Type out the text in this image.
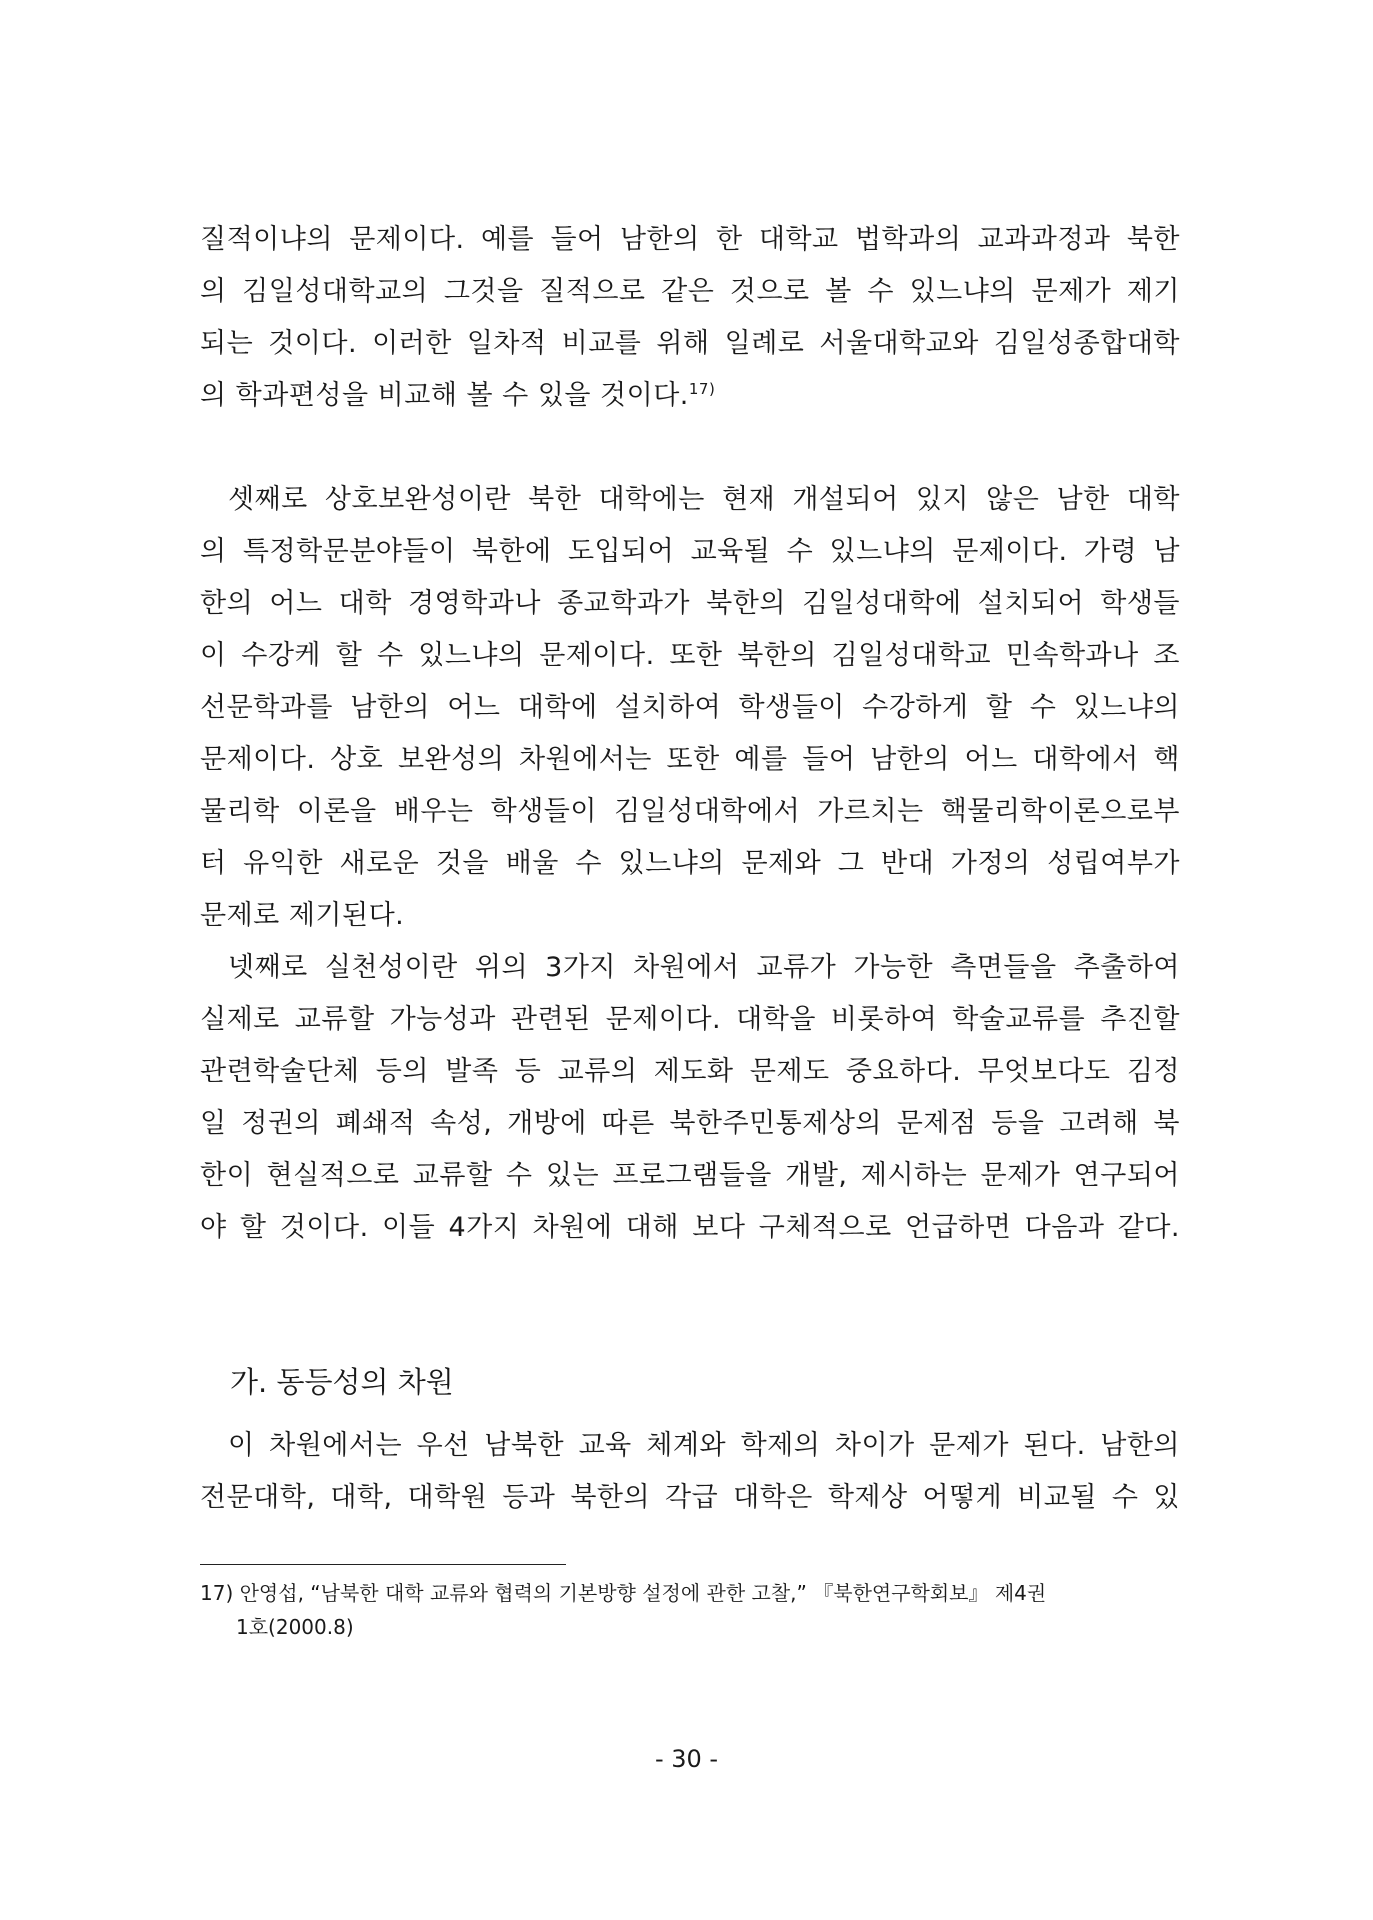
질적이냐의 문제이다. 예를 들어 남한의 한 대학교 법학과의 교과과정과 북한
의 김일성대학교의 그것을 질적으로 같은 것으로 볼 수 있느냐의 문제가 제기
되는 것이다. 이러한 일차적 비교를 위해 일례로 서울대학교와 김일성종합대학
의 학과편성을 비교해 볼 수 있을 것이다.$^{17)}$
셋째로 상호보완성이란 북한 대학에는 현재 개설되어 있지 않은 남한 대학
의 특정학문분야들이 북한에 도입되어 교육될 수 있느냐의 문제이다. 가령 남
한의 어느 대학 경영학과나 종교학과가 북한의 김일성대학에 설치되어 학생들
이 수강케 할 수 있느냐의 문제이다. 또한 북한의 김일성대학교 민속학과나 조
선문학과를 남한의 어느 대학에 설치하여 학생들이 수강하게 할 수 있느냐의
문제이다. 상호 보완성의 차원에서는 또한 예를 들어 남한의 어느 대학에서 핵
물리학 이론을 배우는 학생들이 김일성대학에서 가르치는 핵물리학이론으로부
터 유익한 새로운 것을 배울 수 있느냐의 문제와 그 반대 가정의 성립여부가
문제로 제기된다.
넷째로 실천성이란 위의 3가지 차원에서 교류가 가능한 측면들을 추출하여
실제로 교류할 가능성과 관련된 문제이다. 대학을 비롯하여 학술교류를 추진할
관련학술단체 등의 발족 등 교류의 제도화 문제도 중요하다. 무엇보다도 김정
일 정권의 폐쇄적 속성, 개방에 따른 북한주민통제상의 문제점 등을 고려해 북
한이 현실적으로 교류할 수 있는 프로그램들을 개발, 제시하는 문제가 연구되어
야 할 것이다. 이들 4가지 차원에 대해 보다 구체적으로 언급하면 다음과 같다.
가. 동등성의 차원
이 차원에서는 우선 남북한 교육 체계와 학제의 차이가 문제가 된다. 남한의
전문대학, 대학, 대학원 등과 북한의 각급 대학은 학제상 어떻게 비교될 수 있
17) 안영섭, “남북한 대학 교류와 협력의 기본방향 설정에 관한 고찰,” 『북한연구학회보』 제4권
1호(2000.8)
- 30 -
